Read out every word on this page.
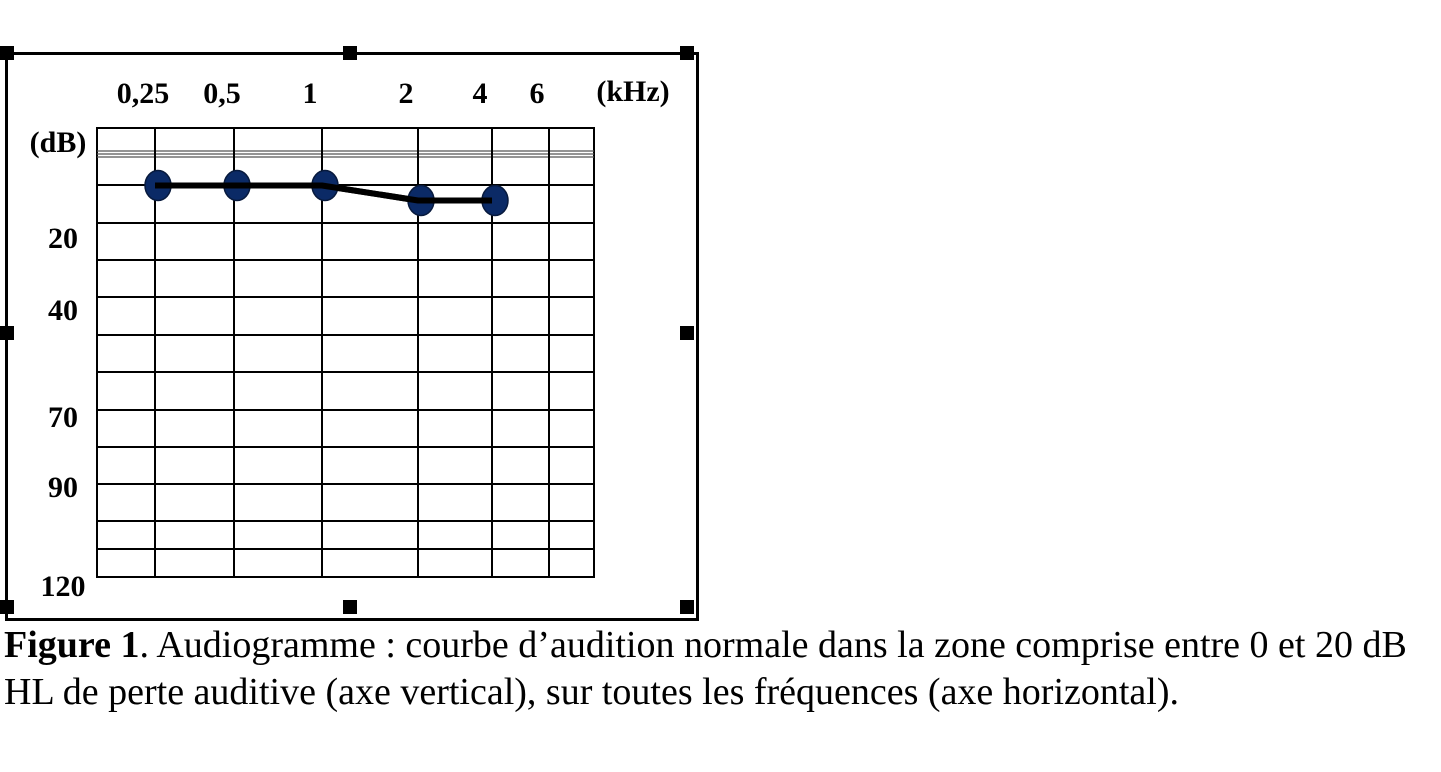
0,25 0,5 1	2 4 6 (kHz)
(dB)
20
40
70
90
120

Figure 1. Audiogramme : courbe d’audition normale dans la zone comprise entre 0 et 20 dB HL de perte auditive (axe vertical), sur toutes les fréquences (axe horizontal).
